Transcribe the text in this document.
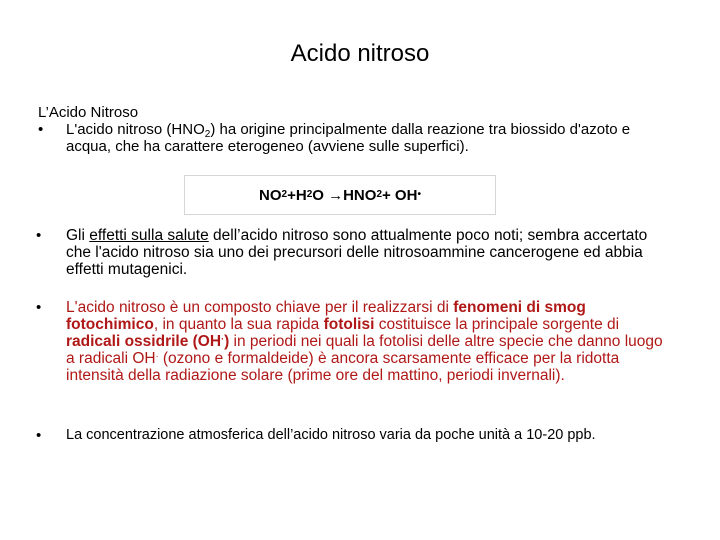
Acido nitroso
L’Acido Nitroso
• L'acido nitroso $(HNO_2)$ ha origine principalmente dalla reazione tra biossido d'azoto e acqua, che ha carattere eterogeneo (avviene sulle superfici).
NO 2 +H 2 O
→ HNO 2 + OH •
• Gli effetti sulla salute dell’acido nitroso sono attualmente poco noti; sembra accertato che l'acido nitroso sia uno dei precursori delle nitrosoammine cancerogene ed abbia effetti mutagenici.
• L'acido nitroso è un composto chiave per il realizzarsi di fenomeni di smog fotochimico, in quanto la sua rapida fotolisi costituisce la principale sorgente di radicali ossidrile (OH·) in periodi nei quali la fotolisi delle altre specie che danno luogo a radicali OH· (ozono e formaldeide) è ancora scarsamente efficace per la ridotta intensità della radiazione solare (prime ore del mattino, periodi invernali).
• La concentrazione atmosferica dell’acido nitroso varia da poche unità a 10-20 ppb.
